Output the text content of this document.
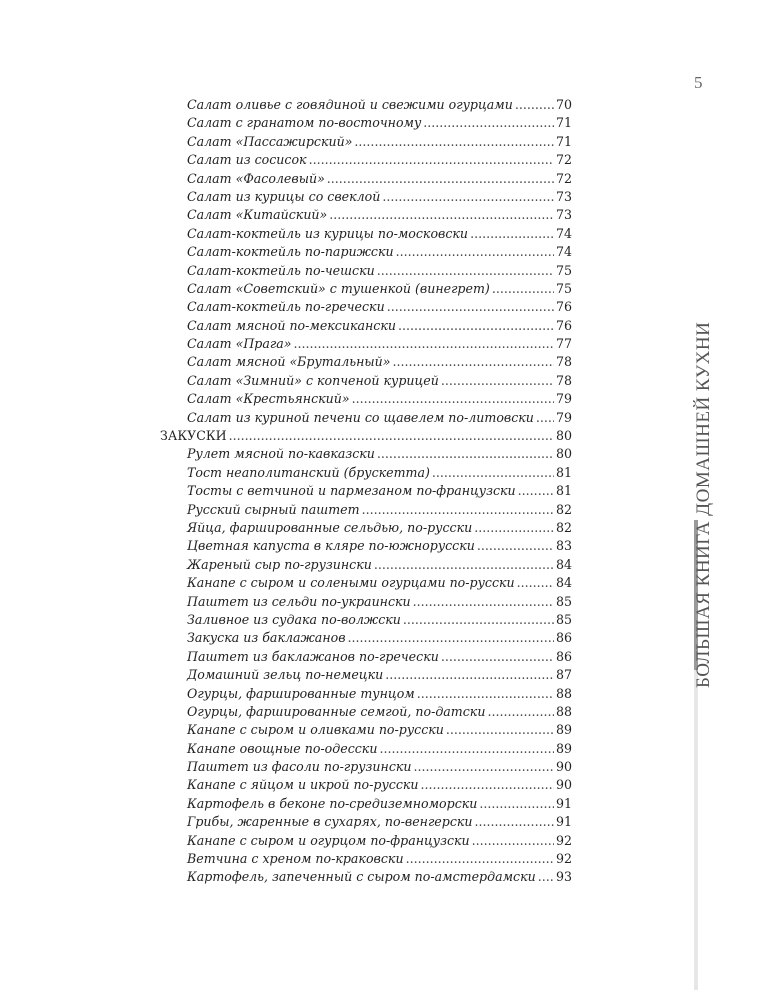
5
БОЛЬШАЯ КНИГА ДОМАШНЕЙ КУХНИ
Салат оливье с говядиной и свежими огурцами .....	70
Салат с гранатом по-восточному .....	71
Салат «Пассажирский» .....	71
Салат из сосисок .....	72
Салат «Фасолевый» .....	72
Салат из курицы со свеклой .....	73
Салат «Китайский» .....	73
Салат-коктейль из курицы по-московски .....	74
Салат-коктейль по-парижски .....	74
Салат-коктейль по-чешски .....	75
Салат «Советский» с тушенкой (винегрет) .....	75
Салат-коктейль по-гречески .....	76
Салат мясной по-мексикански .....	76
Салат «Прага» .....	77
Салат мясной «Брутальный» .....	78
Салат «Зимний» с копченой курицей .....	78
Салат «Крестьянский» .....	79
Салат из куриной печени со щавелем по-литовски ..... 79
ЗАКУСКИ .....	80
Рулет мясной по-кавказски .....	80
Тост неаполитанский (брускетта) .....	81
Тосты с ветчиной и пармезаном по-французски .....	81
Русский сырный паштет .....	82
Яйца, фаршированные сельдью, по-русски .....	82
Цветная капуста в кляре по-южнорусски .....	83
Жареный сыр по-грузински .....	84
Канапе с сыром и солеными огурцами по-русски .....	84
Паштет из сельди по-украински .....	85
Заливное из судака по-волжски .....	85
Закуска из баклажанов .....	86
Паштет из баклажанов по-гречески .....	86
Домашний зельц по-немецки .....	87
Огурцы, фаршированные тунцом .....	88
Огурцы, фаршированные семгой, по-датски .....	88
Канапе с сыром и оливками по-русски .....	89
Канапе овощные по-одесски .....	89
Паштет из фасоли по-грузински .....	90
Канапе с яйцом и икрой по-русски .....	90
Картофель в беконе по-средиземноморски .....	91
Грибы, жаренные в сухарях, по-венгерски .....	91
Канапе с сыром и огурцом по-французски .....	92
Ветчина с хреном по-краковски .....	92
Картофель, запеченный с сыром по-амстердамски ..... 93
